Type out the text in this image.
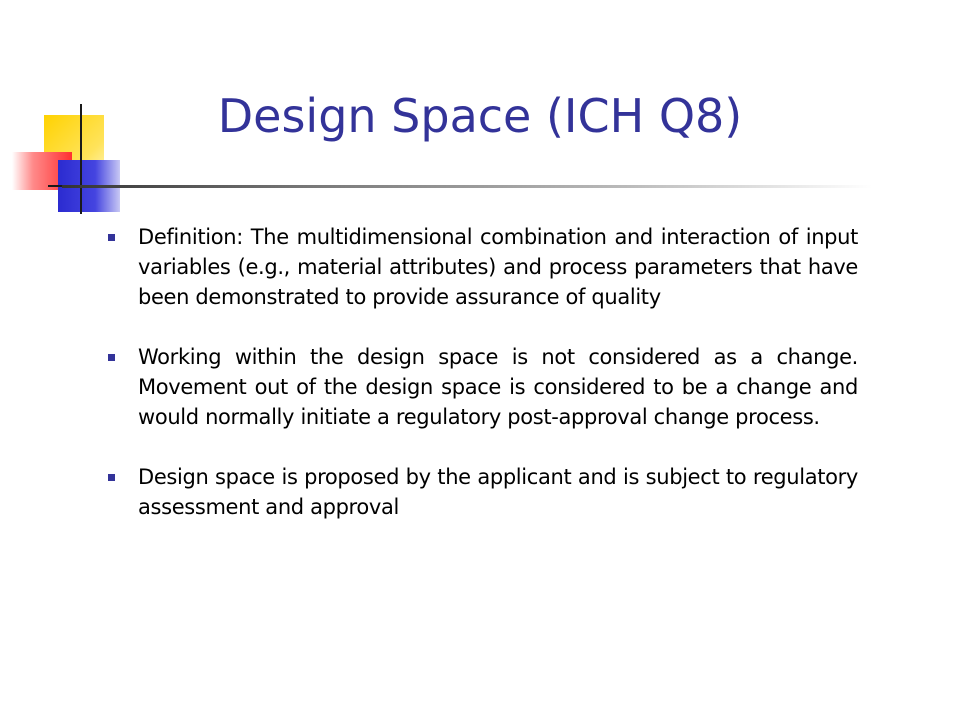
Design Space (ICH Q8)
Definition: The multidimensional combination and interaction of input variables (e.g., material attributes) and process parameters that have been demonstrated to provide assurance of quality
Working within the design space is not considered as a change. Movement out of the design space is considered to be a change and would normally initiate a regulatory post-approval change process.
Design space is proposed by the applicant and is subject to regulatory assessment and approval
